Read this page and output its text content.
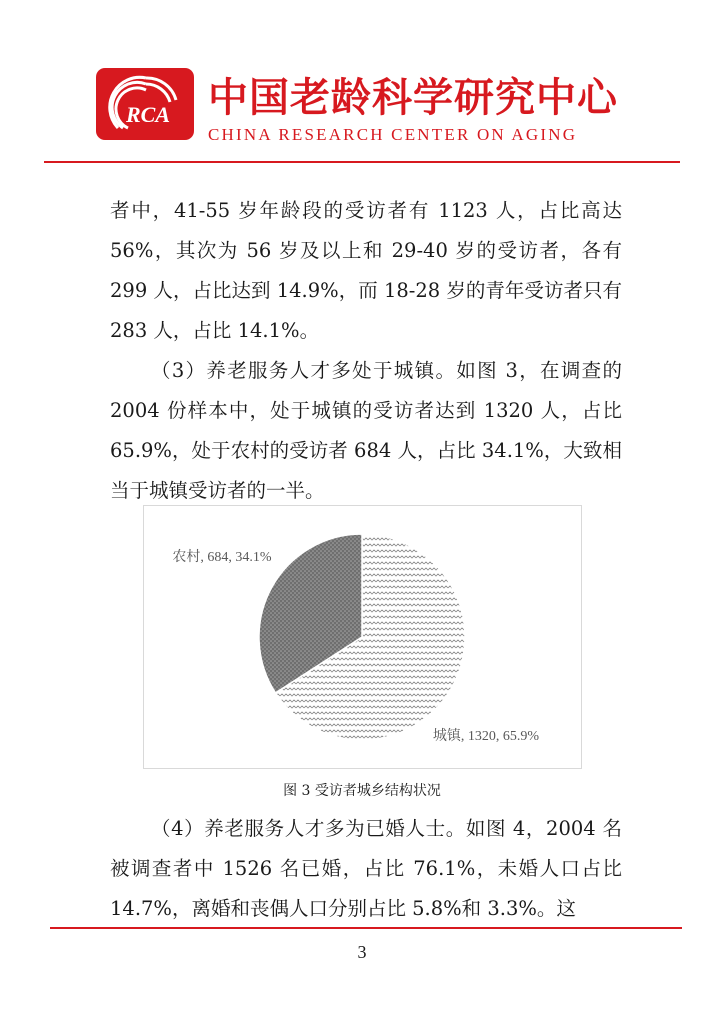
RCA 中国老龄科学研究中心
CHINA RESEARCH CENTER ON AGING

者中，41-55 岁年龄段的受访者有 1123 人，占比高达 56%，其次为 56 岁及以上和 29-40 岁的受访者，各有 299 人，占比达到 14.9%，而 18-28 岁的青年受访者只有 283 人，占比 14.1%。

（3）养老服务人才多处于城镇。如图 3，在调查的 2004 份样本中，处于城镇的受访者达到 1320 人，占比 65.9%，处于农村的受访者 684 人，占比 34.1%，大致相当于城镇受访者的一半。

城镇, 1320, 65.9%
农村, 684, 34.1%
图 3 受访者城乡结构状况

（4）养老服务人才多为已婚人士。如图 4，2004 名被调查者中 1526 名已婚，占比 76.1%，未婚人口占比 14.7%，离婚和丧偶人口分别占比 5.8%和 3.3%。这

3
